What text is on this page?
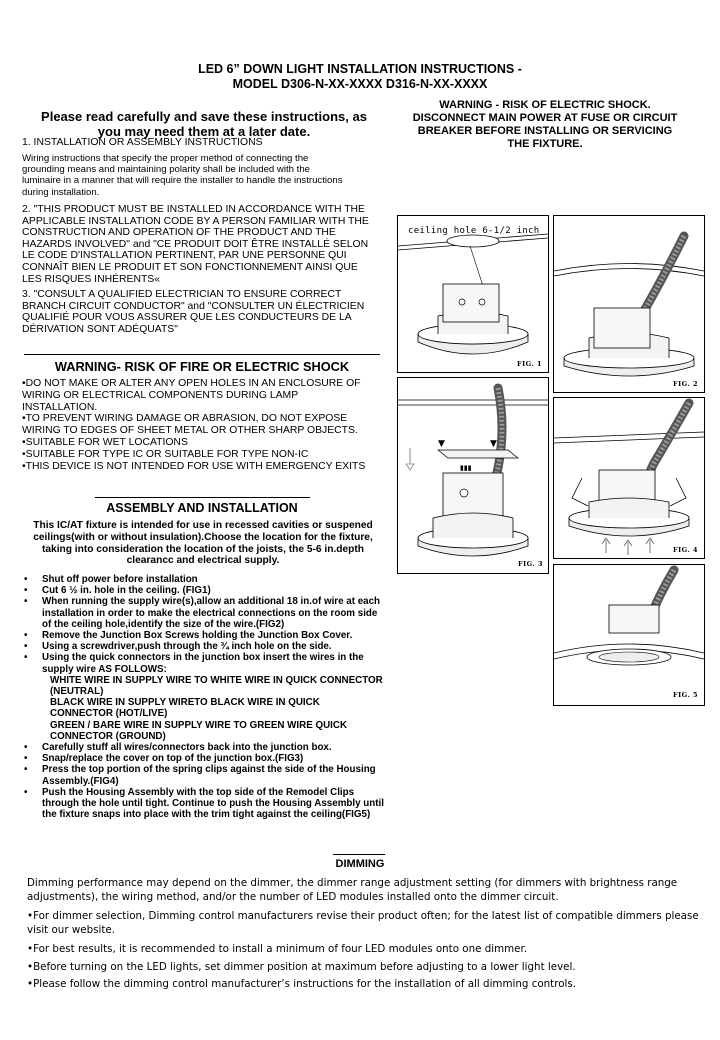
LED 6” DOWN LIGHT INSTALLATION INSTRUCTIONS -
MODEL D306-N-XX-XXXX D316-N-XX-XXXX
WARNING - RISK OF ELECTRIC SHOCK.
DISCONNECT MAIN POWER AT FUSE OR CIRCUIT
BREAKER BEFORE INSTALLING OR SERVICING
THE FIXTURE.
Please read carefully and save these instructions, as
you may need them at a later date.
1. INSTALLATION OR ASSEMBLY INSTRUCTIONS
Wiring instructions that specify the proper method of connecting the
grounding means and maintaining polarity shall be included with the
luminaire in a manner that will require the installer to handle the instructions
during installation.
2. "THIS PRODUCT MUST BE INSTALLED IN ACCORDANCE WITH THE
APPLICABLE INSTALLATION CODE BY A PERSON FAMILIAR WITH THE
CONSTRUCTION AND OPERATION OF THE PRODUCT AND THE
HAZARDS INVOLVED" and "CE PRODUIT DOIT ÊTRE INSTALLÉ SELON
LE CODE D'INSTALLATION PERTINENT, PAR UNE PERSONNE QUI
CONNAÎT BIEN LE PRODUIT ET SON FONCTIONNEMENT AINSI QUE
LES RISQUES INHÉRENTS«
3. "CONSULT A QUALIFIED ELECTRICIAN TO ENSURE CORRECT
BRANCH CIRCUIT CONDUCTOR" and "CONSULTER UN ÉLECTRICIEN
QUALIFIÉ POUR VOUS ASSURER QUE LES CONDUCTEURS DE LA
DÉRIVATION SONT ADÉQUATS"
WARNING- RISK OF FIRE OR ELECTRIC SHOCK
•DO NOT MAKE OR ALTER ANY OPEN HOLES IN AN ENCLOSURE OF
WIRING OR ELECTRICAL COMPONENTS DURING LAMP
INSTALLATION.
•TO PREVENT WIRING DAMAGE OR ABRASION, DO NOT EXPOSE
WIRING TO EDGES OF SHEET METAL OR OTHER SHARP OBJECTS.
•SUITABLE FOR WET LOCATIONS
•SUITABLE FOR TYPE IC OR SUITABLE FOR TYPE NON-IC
•THIS DEVICE IS NOT INTENDED FOR USE WITH EMERGENCY EXITS
ASSEMBLY AND INSTALLATION
This IC/AT fixture is intended for use in recessed cavities or suspened
ceilings(with or without insulation).Choose the location for the fixture,
taking into consideration the location of the joists, the 5-6 in.depth
clearancc and electrical supply.
• Shut off power before installation
• Cut 6 ½ in. hole in the ceiling. (FIG1)
• When running the supply wire(s),allow an additional 18 in.of wire at each installation in order to make the electrical connections on the room side of the ceiling hole,identify the size of the wire.(FIG2)
• Remove the Junction Box Screws holding the Junction Box Cover.
• Using a screwdriver,push through the ¾ inch hole on the side.
• Using the quick connectors in the junction box insert the wires in the supply wire AS FOLLOWS:
WHITE WIRE IN SUPPLY WIRE TO WHITE WIRE IN QUICK CONNECTOR (NEUTRAL)
BLACK WIRE IN SUPPLY WIRETO BLACK WIRE IN QUICK CONNECTOR (HOT/LIVE)
GREEN / BARE WIRE IN SUPPLY WIRE TO GREEN WIRE QUICK CONNECTOR (GROUND)
• Carefully stuff all wires/connectors back into the junction box.
• Snap/replace the cover on top of the junction box.(FIG3)
• Press the top portion of the spring clips against the side of the Housing Assembly.(FIG4)
• Push the Housing Assembly with the top side of the Remodel Clips through the hole until tight. Continue to push the Housing Assembly until the fixture snaps into place with the trim tight against the ceiling(FIG5)
ceiling hole 6-1/2 inch
FIG. 1
FIG. 2
▼	▼
▮▮▮
FIG. 3
FIG. 4
FIG. 5
DIMMING
Dimming performance may depend on the dimmer, the dimmer range adjustment setting (for dimmers with brightness range adjustments), the wiring method, and/or the number of LED modules installed onto the dimmer circuit.
•For dimmer selection, Dimming control manufacturers revise their product often; for the latest list of compatible dimmers please visit our website.
•For best results, it is recommended to install a minimum of four LED modules onto one dimmer.
•Before turning on the LED lights, set dimmer position at maximum before adjusting to a lower light level.
•Please follow the dimming control manufacturer’s instructions for the installation of all dimming controls.
